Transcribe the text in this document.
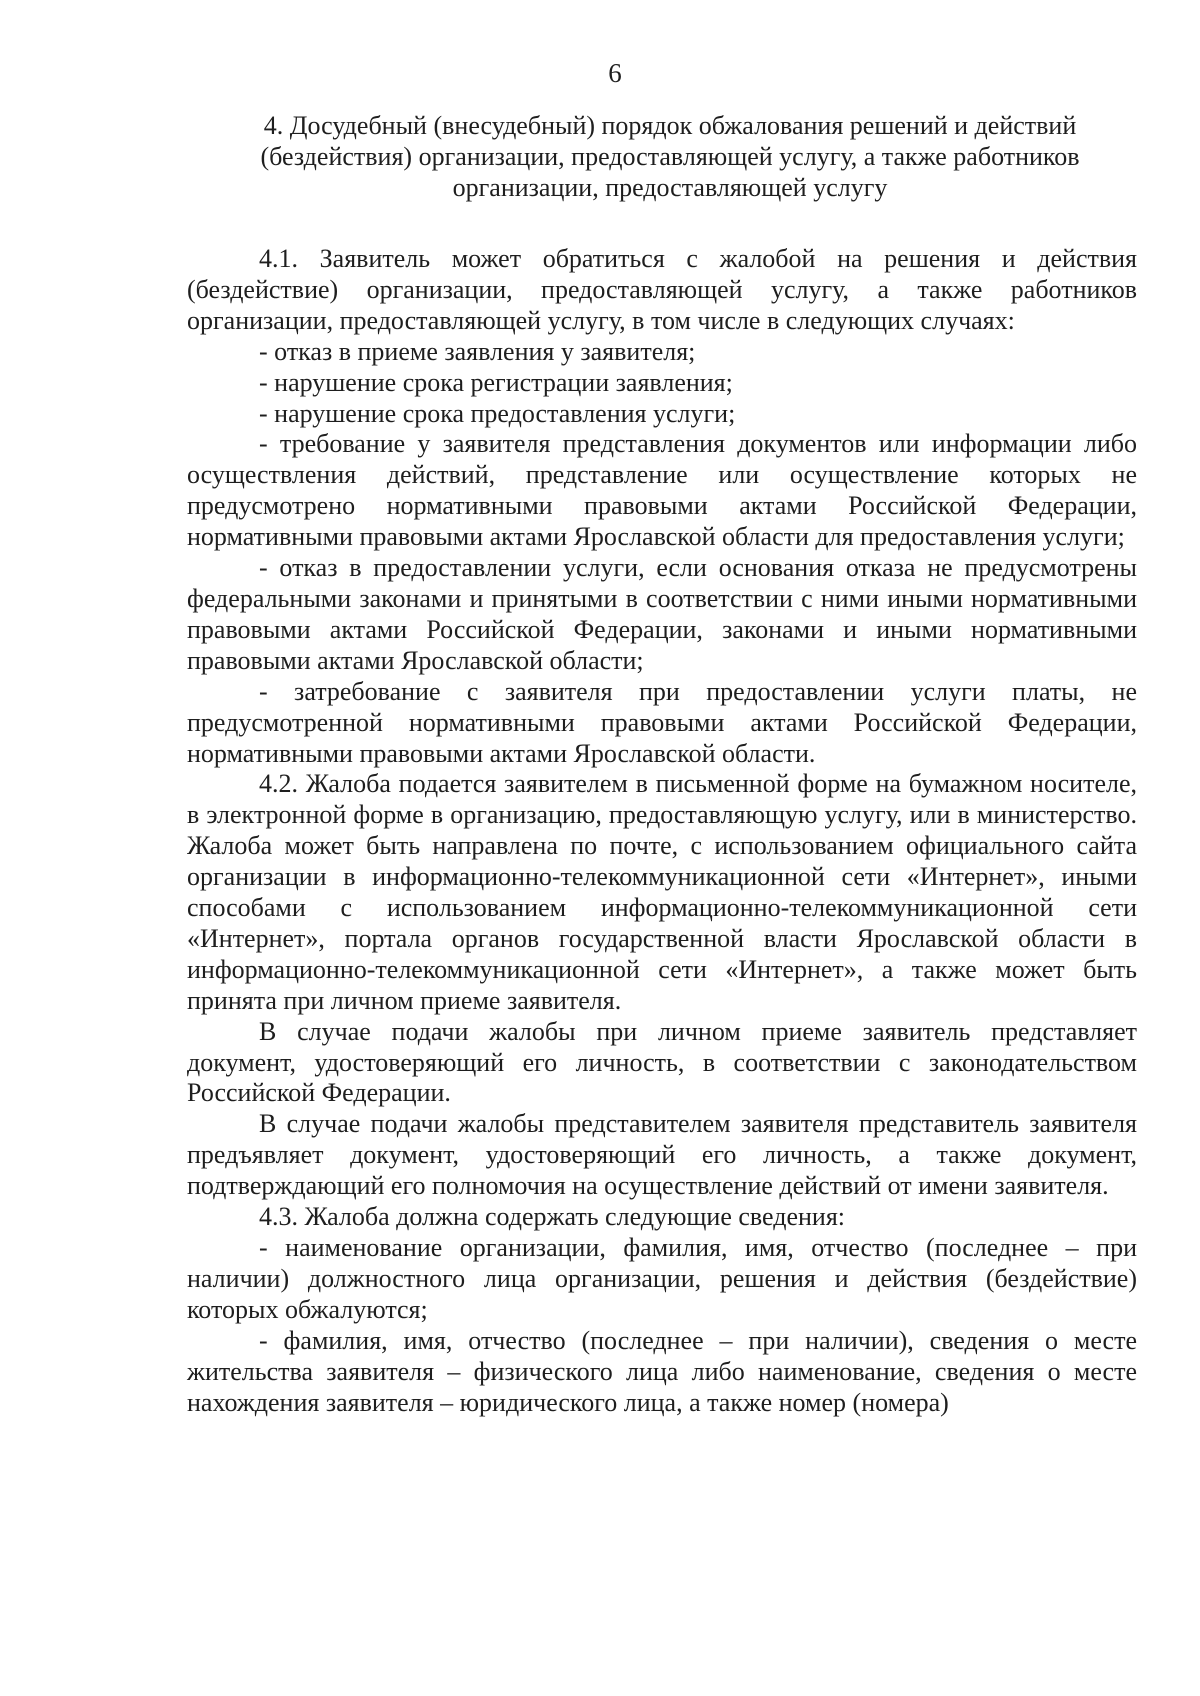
6
4. Досудебный (внесудебный) порядок обжалования решений и действий
(бездействия) организации, предоставляющей услугу, а также работников
организации, предоставляющей услугу

4.1. Заявитель может обратиться с жалобой на решения и действия (бездействие) организации, предоставляющей услугу, а также работников организации, предоставляющей услугу, в том числе в следующих случаях:

- отказ в приеме заявления у заявителя;

- нарушение срока регистрации заявления;

- нарушение срока предоставления услуги;

- требование у заявителя представления документов или информации либо осуществления действий, представление или осуществление которых не предусмотрено нормативными правовыми актами Российской Федерации, нормативными правовыми актами Ярославской области для предоставления услуги;

- отказ в предоставлении услуги, если основания отказа не предусмотрены федеральными законами и принятыми в соответствии с ними иными нормативными правовыми актами Российской Федерации, законами и иными нормативными правовыми актами Ярославской области;

- затребование с заявителя при предоставлении услуги платы, не предусмотренной нормативными правовыми актами Российской Федерации, нормативными правовыми актами Ярославской области.

4.2. Жалоба подается заявителем в письменной форме на бумажном носителе, в электронной форме в организацию, предоставляющую услугу, или в министерство. Жалоба может быть направлена по почте, с использованием официального сайта организации в информационно-телекоммуникационной сети «Интернет», иными способами с использованием информационно-телекоммуникационной сети «Интернет», портала органов государственной власти Ярославской области в информационно-телекоммуникационной сети «Интернет», а также может быть принята при личном приеме заявителя.

В случае подачи жалобы при личном приеме заявитель представляет документ, удостоверяющий его личность, в соответствии с законодательством Российской Федерации.

В случае подачи жалобы представителем заявителя представитель заявителя предъявляет документ, удостоверяющий его личность, а также документ, подтверждающий его полномочия на осуществление действий от имени заявителя.

4.3. Жалоба должна содержать следующие сведения:

- наименование организации, фамилия, имя, отчество (последнее – при наличии) должностного лица организации, решения и действия (бездействие) которых обжалуются;

- фамилия, имя, отчество (последнее – при наличии), сведения о месте жительства заявителя – физического лица либо наименование, сведения о месте нахождения заявителя – юридического лица, а также номер (номера)
